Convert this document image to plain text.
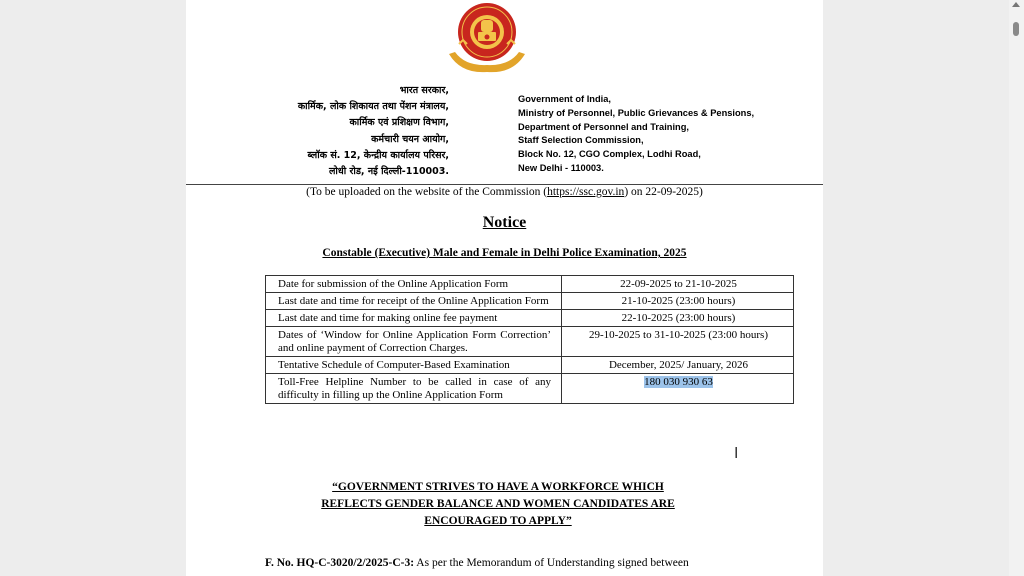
भारत सरकार,
कार्मिक, लोक शिकायत तथा पेंशन मंत्रालय,
कार्मिक एवं प्रशिक्षण विभाग,
कर्मचारी चयन आयोग,
ब्लॉक सं. 12, केन्द्रीय कार्यालय परिसर,
लोधी रोड, नई दिल्ली-110003.
Government of India,
Ministry of Personnel, Public Grievances & Pensions,
Department of Personnel and Training,
Staff Selection Commission,
Block No. 12, CGO Complex, Lodhi Road,
New Delhi - 110003.
(To be uploaded on the website of the Commission (https://ssc.gov.in) on 22-09-2025)
Notice
Constable (Executive) Male and Female in Delhi Police Examination, 2025
Date for submission of the Online Application Form	22-09-2025 to 21-10-2025
Last date and time for receipt of the Online Application Form	21-10-2025 (23:00 hours)
Last date and time for making online fee payment	22-10-2025 (23:00 hours)
Dates of ‘Window for Online Application Form Correction’ and online payment of Correction Charges.	29-10-2025 to 31-10-2025 (23:00 hours)
Tentative Schedule of Computer-Based Examination	December, 2025/ January, 2026
Toll-Free Helpline Number to be called in case of any difficulty in filling up the Online Application Form	180 030 930 63
I
“GOVERNMENT STRIVES TO HAVE A WORKFORCE WHICH
REFLECTS GENDER BALANCE AND WOMEN CANDIDATES ARE
ENCOURAGED TO APPLY”
F. No. HQ-C-3020/2/2025-C-3: As per the Memorandum of Understanding signed between
